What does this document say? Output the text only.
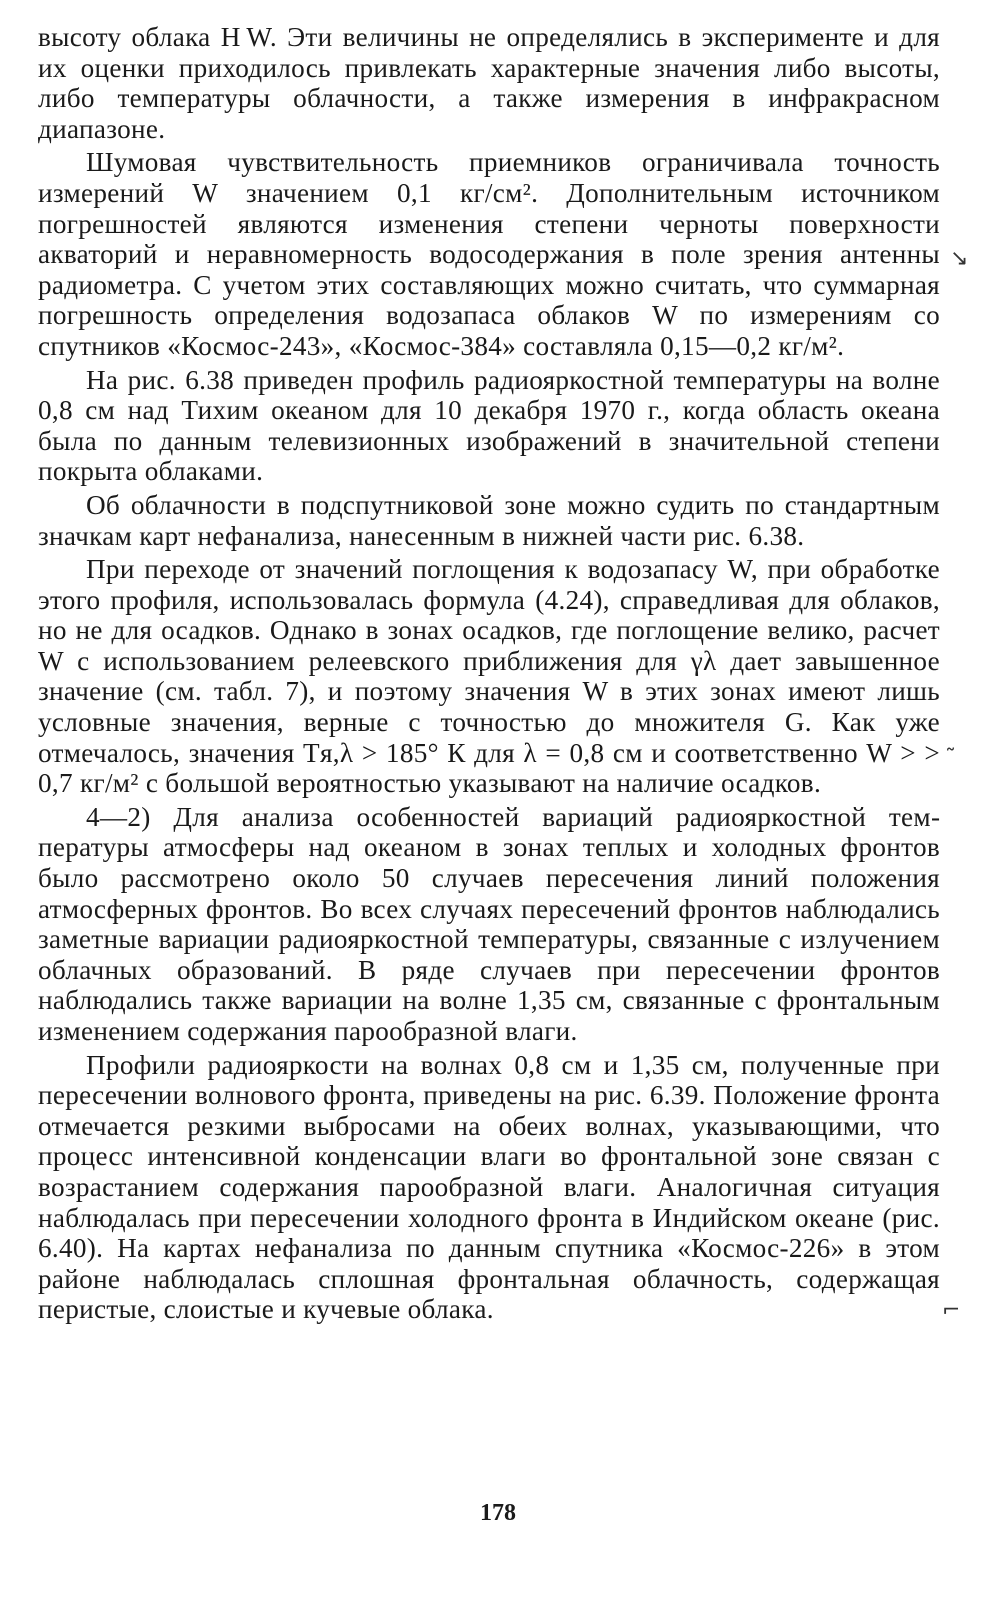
высоту облака H W. Эти величины не определялись в эксперименте и для их оценки приходилось привлекать характерные значения либо высоты, либо температуры облачности, а также измерения в инфракрасном диапазоне.

Шумовая чувствительность приемников ограничивала точность измерений W значением 0,1 кг/см². Дополнительным источником погрешностей являются изменения степени черноты поверхности акваторий и неравномерность водосодержания в поле зрения антенны радиометра. С учетом этих составляющих можно считать, что суммарная погрешность определения водозапаса облаков W по измерениям со спутников «Космос-243», «Космос-384» составляла 0,15—0,2 кг/м².

На рис. 6.38 приведен профиль радиояркостной температуры на волне 0,8 см над Тихим океаном для 10 декабря 1970 г., когда область океана была по данным телевизионных изображений в значительной степени покрыта облаками.

Об облачности в подспутниковой зоне можно судить по стандартным значкам карт нефанализа, нанесенным в нижней части рис. 6.38.

При переходе от значений поглощения к водозапасу W, при обработке этого профиля, использовалась формула (4.24), справедливая для облаков, но не для осадков. Однако в зонах осадков, где поглощение велико, расчет W с использованием релеевского приближения для γλ дает завышенное значение (см. табл. 7), и поэтому значения W в этих зонах имеют лишь условные значения, верные с точностью до множителя G. Как уже отмечалось, значения Tя,λ > 185° К для λ = 0,8 см и соответственно W > > 0,7 кг/м² с большой вероятностью указывают на наличие осадков.

4—2) Для анализа особенностей вариаций радиояркостной температуры атмосферы над океаном в зонах теплых и холодных фронтов было рассмотрено около 50 случаев пересечения линий положения атмосферных фронтов. Во всех случаях пересечений фронтов наблюдались заметные вариации радиояркостной температуры, связанные с излучением облачных образований. В ряде случаев при пересечении фронтов наблюдались также вариации на волне 1,35 см, связанные с фронтальным изменением содержания парообразной влаги.

Профили радиояркости на волнах 0,8 см и 1,35 см, полученные при пересечении волнового фронта, приведены на рис. 6.39. Положение фронта отмечается резкими выбросами на обеих волнах, указывающими, что процесс интенсивной конденсации влаги во фронтальной зоне связан с возрастанием содержания парообразной влаги. Аналогичная ситуация наблюдалась при пересечении холодного фронта в Индийском океане (рис. 6.40). На картах нефанализа по данным спутника «Космос-226» в этом районе наблюдалась сплошная фронтальная облачность, содержащая перистые, слоистые и кучевые облака.

↘
˜
⌐
178
